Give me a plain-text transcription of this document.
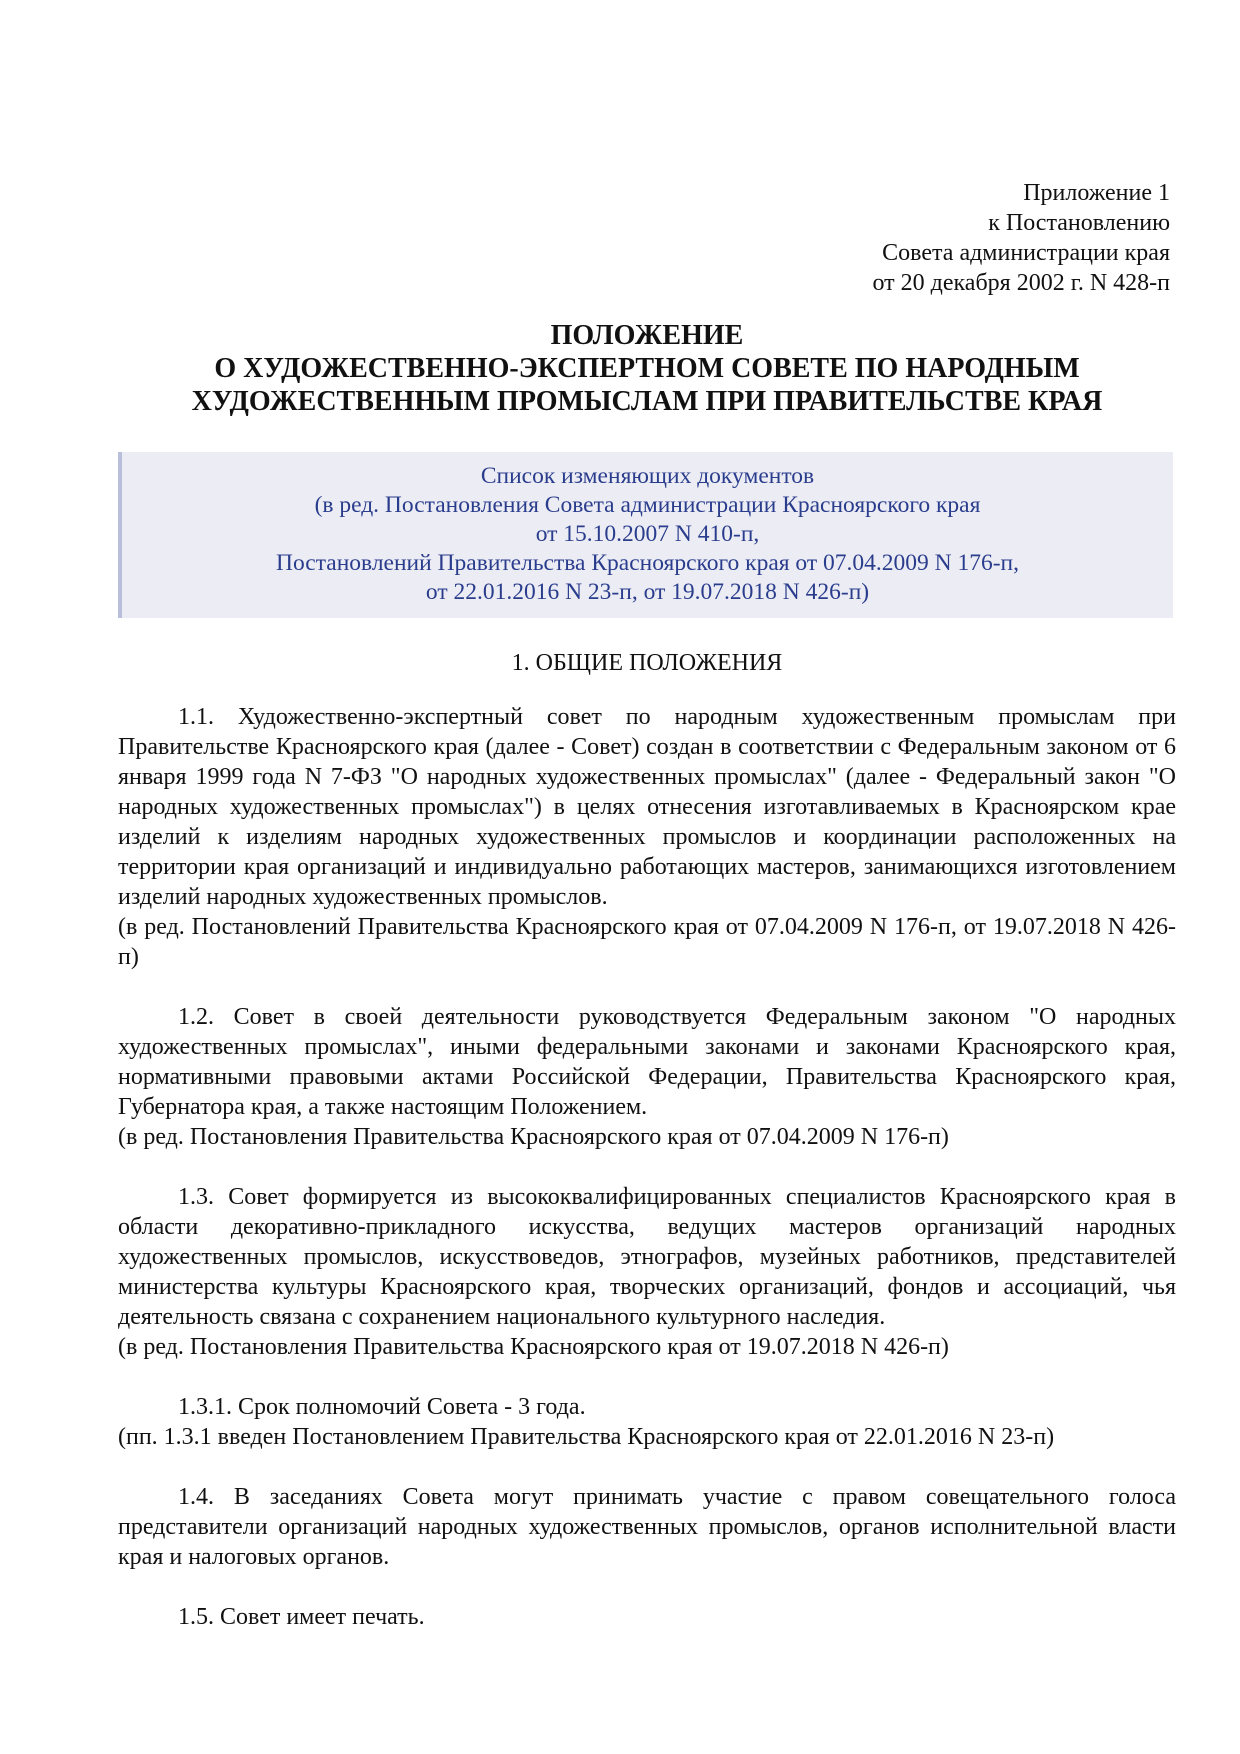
Приложение 1
к Постановлению
Совета администрации края
от 20 декабря 2002 г. N 428-п
ПОЛОЖЕНИЕ
О ХУДОЖЕСТВЕННО-ЭКСПЕРТНОМ СОВЕТЕ ПО НАРОДНЫМ
ХУДОЖЕСТВЕННЫМ ПРОМЫСЛАМ ПРИ ПРАВИТЕЛЬСТВЕ КРАЯ
Список изменяющих документов
(в ред. Постановления Совета администрации Красноярского края
от 15.10.2007 N 410-п,
Постановлений Правительства Красноярского края от 07.04.2009 N 176-п,
от 22.01.2016 N 23-п, от 19.07.2018 N 426-п)
1. ОБЩИЕ ПОЛОЖЕНИЯ

1.1. Художественно-экспертный совет по народным художественным промыслам при Правительстве Красноярского края (далее - Совет) создан в соответствии с Федеральным законом от 6 января 1999 года N 7-ФЗ "О народных художественных промыслах" (далее - Федеральный закон "О народных художественных промыслах") в целях отнесения изготавливаемых в Красноярском крае изделий к изделиям народных художественных промыслов и координации расположенных на территории края организаций и индивидуально работающих мастеров, занимающихся изготовлением изделий народных художественных промыслов.

(в ред. Постановлений Правительства Красноярского края от 07.04.2009 N 176-п, от 19.07.2018 N 426-п)

1.2. Совет в своей деятельности руководствуется Федеральным законом "О народных художественных промыслах", иными федеральными законами и законами Красноярского края, нормативными правовыми актами Российской Федерации, Правительства Красноярского края, Губернатора края, а также настоящим Положением.

(в ред. Постановления Правительства Красноярского края от 07.04.2009 N 176-п)

1.3. Совет формируется из высококвалифицированных специалистов Красноярского края в области декоративно-прикладного искусства, ведущих мастеров организаций народных художественных промыслов, искусствоведов, этнографов, музейных работников, представителей министерства культуры Красноярского края, творческих организаций, фондов и ассоциаций, чья деятельность связана с сохранением национального культурного наследия.

(в ред. Постановления Правительства Красноярского края от 19.07.2018 N 426-п)

1.3.1. Срок полномочий Совета - 3 года.

(пп. 1.3.1 введен Постановлением Правительства Красноярского края от 22.01.2016 N 23-п)

1.4. В заседаниях Совета могут принимать участие с правом совещательного голоса представители организаций народных художественных промыслов, органов исполнительной власти края и налоговых органов.

1.5. Совет имеет печать.
